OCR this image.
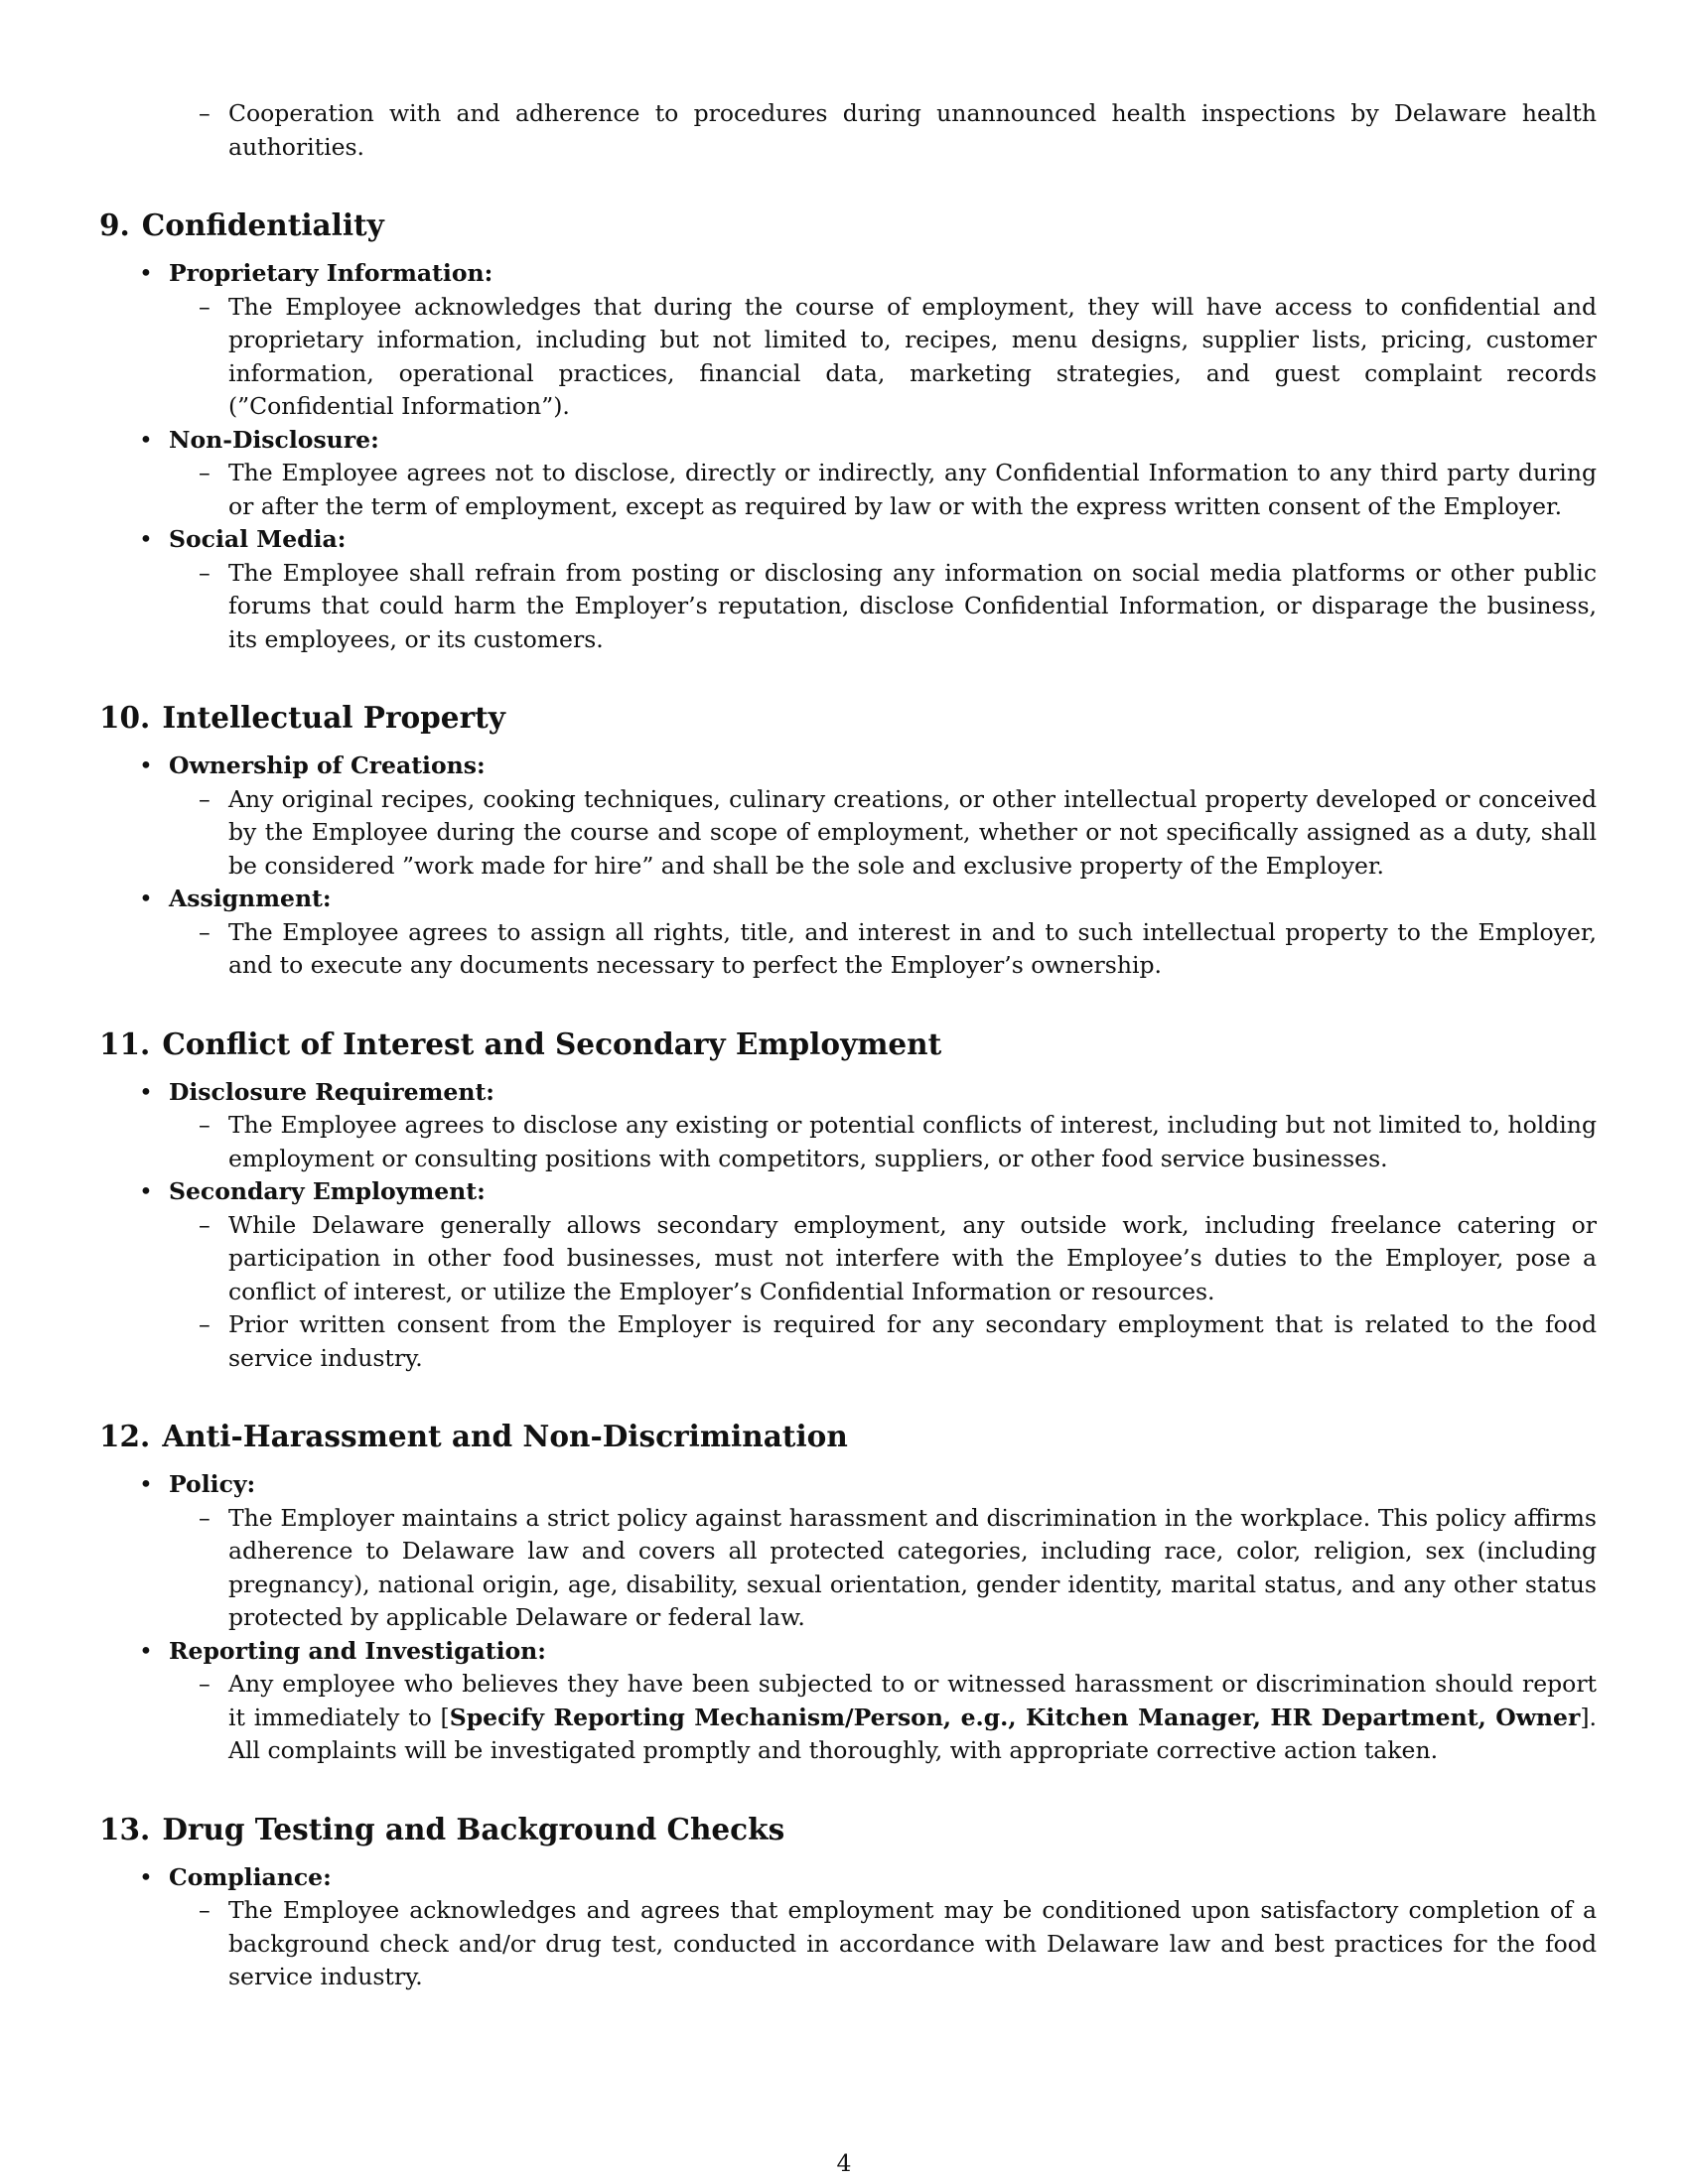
– Cooperation with and adherence to procedures during unannounced health inspections by Delaware health authorities.
9. Confidentiality
• Proprietary Information:
– The Employee acknowledges that during the course of employment, they will have access to confidential and proprietary information, including but not limited to, recipes, menu designs, supplier lists, pricing, customer information, operational practices, financial data, marketing strategies, and guest complaint records (”Confidential Information”).
• Non-Disclosure:
– The Employee agrees not to disclose, directly or indirectly, any Confidential Information to any third party during or after the term of employment, except as required by law or with the express written consent of the Employer.
• Social Media:
– The Employee shall refrain from posting or disclosing any information on social media platforms or other public forums that could harm the Employer’s reputation, disclose Confidential Information, or disparage the business, its employees, or its customers.
10. Intellectual Property
• Ownership of Creations:
– Any original recipes, cooking techniques, culinary creations, or other intellectual property developed or conceived by the Employee during the course and scope of employment, whether or not specifically assigned as a duty, shall be considered ”work made for hire” and shall be the sole and exclusive property of the Employer.
• Assignment:
– The Employee agrees to assign all rights, title, and interest in and to such intellectual property to the Employer, and to execute any documents necessary to perfect the Employer’s ownership.
11. Conflict of Interest and Secondary Employment
• Disclosure Requirement:
– The Employee agrees to disclose any existing or potential conflicts of interest, including but not limited to, holding employment or consulting positions with competitors, suppliers, or other food service businesses.
• Secondary Employment:
– While Delaware generally allows secondary employment, any outside work, including freelance catering or participation in other food businesses, must not interfere with the Employee’s duties to the Employer, pose a conflict of interest, or utilize the Employer’s Confidential Information or resources.
– Prior written consent from the Employer is required for any secondary employment that is related to the food service industry.
12. Anti-Harassment and Non-Discrimination
• Policy:
– The Employer maintains a strict policy against harassment and discrimination in the workplace. This policy affirms adherence to Delaware law and covers all protected categories, including race, color, religion, sex (including pregnancy), national origin, age, disability, sexual orientation, gender identity, marital status, and any other status protected by applicable Delaware or federal law.
• Reporting and Investigation:
– Any employee who believes they have been subjected to or witnessed harassment or discrimination should report it immediately to [Specify Reporting Mechanism/Person, e.g., Kitchen Manager, HR Department, Owner]. All complaints will be investigated promptly and thoroughly, with appropriate corrective action taken.
13. Drug Testing and Background Checks
• Compliance:
– The Employee acknowledges and agrees that employment may be conditioned upon satisfactory completion of a background check and/or drug test, conducted in accordance with Delaware law and best practices for the food service industry.
4
